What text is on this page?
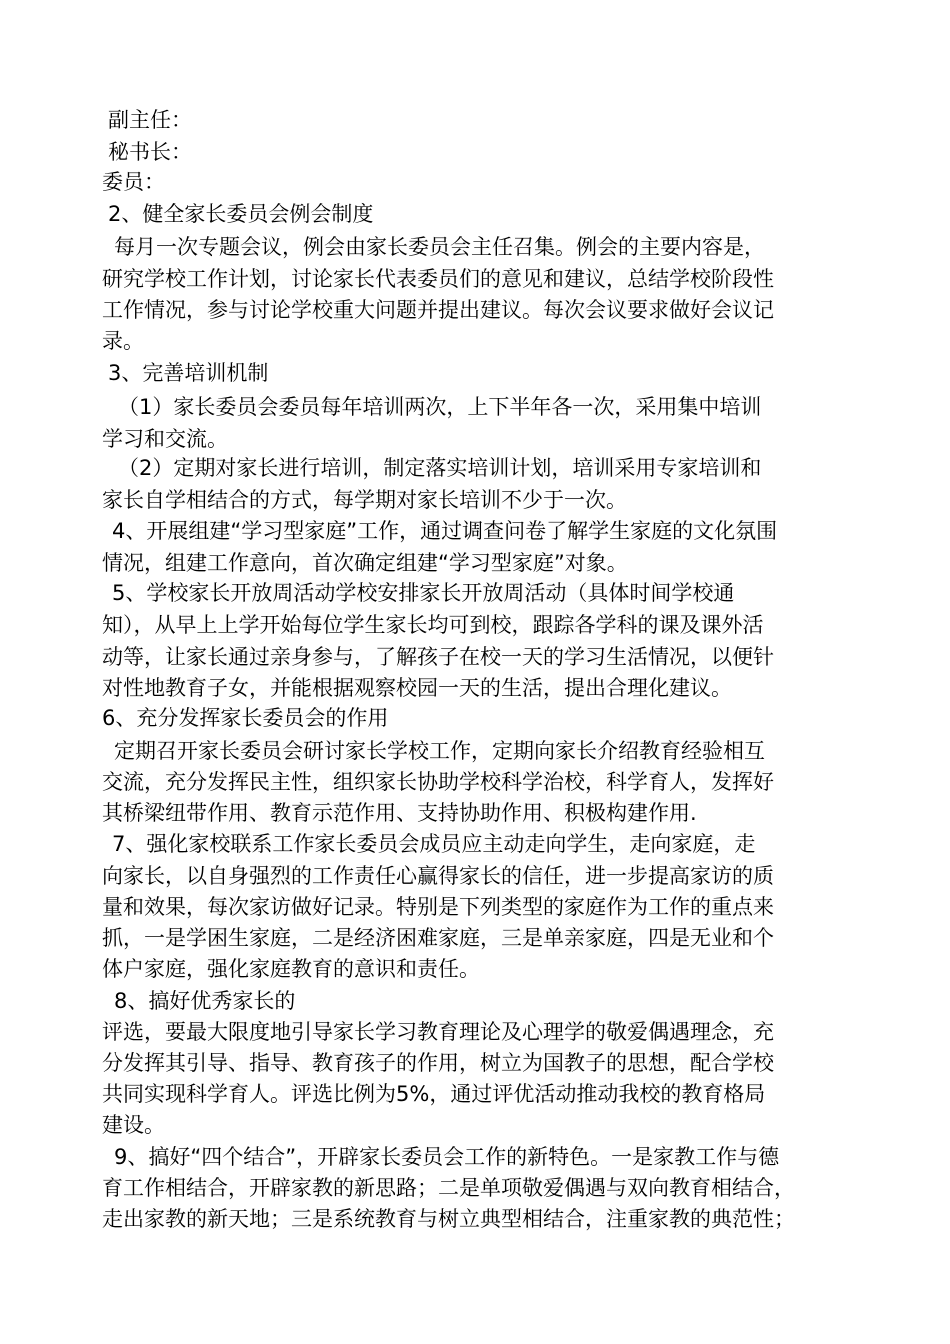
副主任：
秘书长：
委员：
2、健全家长委员会例会制度
每月一次专题会议，例会由家长委员会主任召集。例会的主要内容是，
研究学校工作计划，讨论家长代表委员们的意见和建议，总结学校阶段性
工作情况，参与讨论学校重大问题并提出建议。每次会议要求做好会议记
录。
3、完善培训机制
（1）家长委员会委员每年培训两次，上下半年各一次，采用集中培训
学习和交流。
（2）定期对家长进行培训，制定落实培训计划，培训采用专家培训和
家长自学相结合的方式，每学期对家长培训不少于一次。
4、开展组建“学习型家庭”工作，通过调查问卷了解学生家庭的文化氛围
情况，组建工作意向，首次确定组建“学习型家庭”对象。
5、学校家长开放周活动学校安排家长开放周活动（具体时间学校通
知），从早上上学开始每位学生家长均可到校，跟踪各学科的课及课外活
动等，让家长通过亲身参与，了解孩子在校一天的学习生活情况，以便针
对性地教育子女，并能根据观察校园一天的生活，提出合理化建议。
6、充分发挥家长委员会的作用
定期召开家长委员会研讨家长学校工作，定期向家长介绍教育经验相互
交流，充分发挥民主性，组织家长协助学校科学治校，科学育人，发挥好
其桥梁纽带作用、教育示范作用、支持协助作用、积极构建作用.
7、强化家校联系工作家长委员会成员应主动走向学生，走向家庭，走
向家长，以自身强烈的工作责任心赢得家长的信任，进一步提高家访的质
量和效果，每次家访做好记录。特别是下列类型的家庭作为工作的重点来
抓，一是学困生家庭，二是经济困难家庭，三是单亲家庭，四是无业和个
体户家庭，强化家庭教育的意识和责任。
8、搞好优秀家长的
评选，要最大限度地引导家长学习教育理论及心理学的敬爱偶遇理念，充
分发挥其引导、指导、教育孩子的作用，树立为国教子的思想，配合学校
共同实现科学育人。评选比例为5%，通过评优活动推动我校的教育格局
建设。
9、搞好“四个结合”，开辟家长委员会工作的新特色。一是家教工作与德
育工作相结合，开辟家教的新思路；二是单项敬爱偶遇与双向教育相结合，
走出家教的新天地；三是系统教育与树立典型相结合，注重家教的典范性；
